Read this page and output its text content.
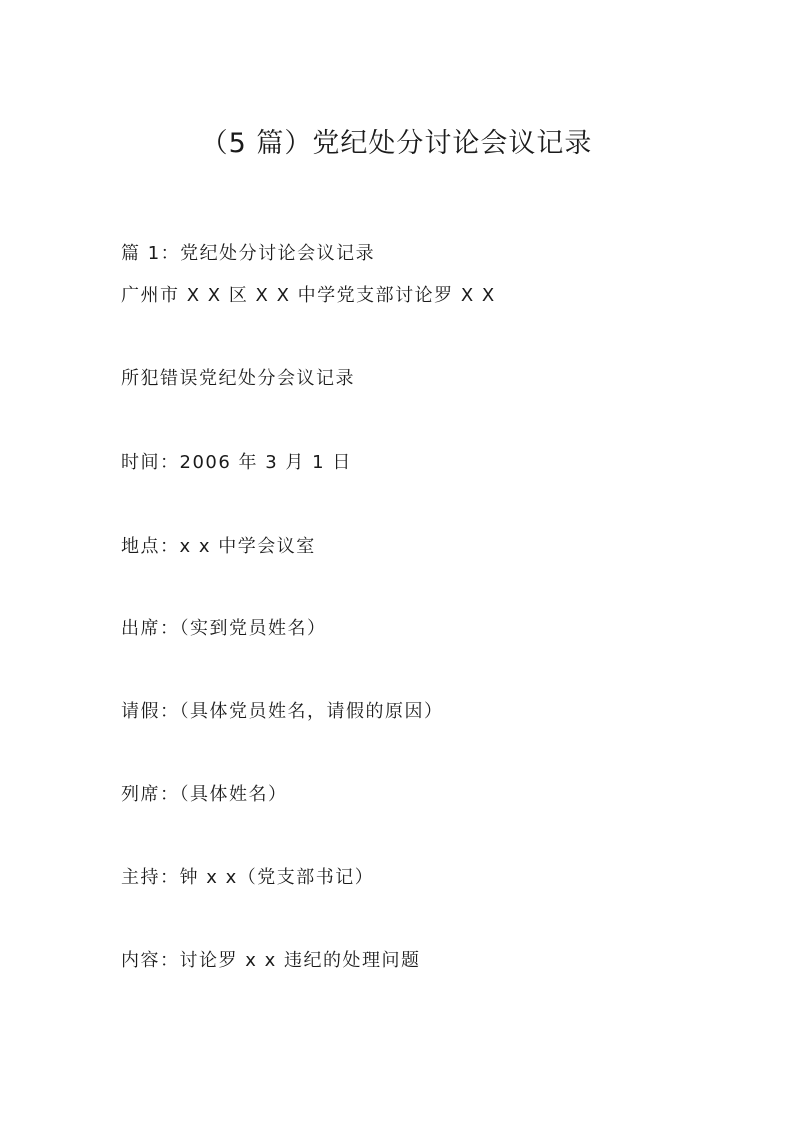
（5 篇）党纪处分讨论会议记录

篇 1：党纪处分讨论会议记录

广州市 X X 区 X X 中学党支部讨论罗 X X

所犯错误党纪处分会议记录

时间：2006 年 3 月 1 日

地点：x x 中学会议室

出席：（实到党员姓名）

请假：（具体党员姓名，请假的原因）

列席：（具体姓名）

主持：钟 x x（党支部书记）

内容：讨论罗 x x 违纪的处理问题
